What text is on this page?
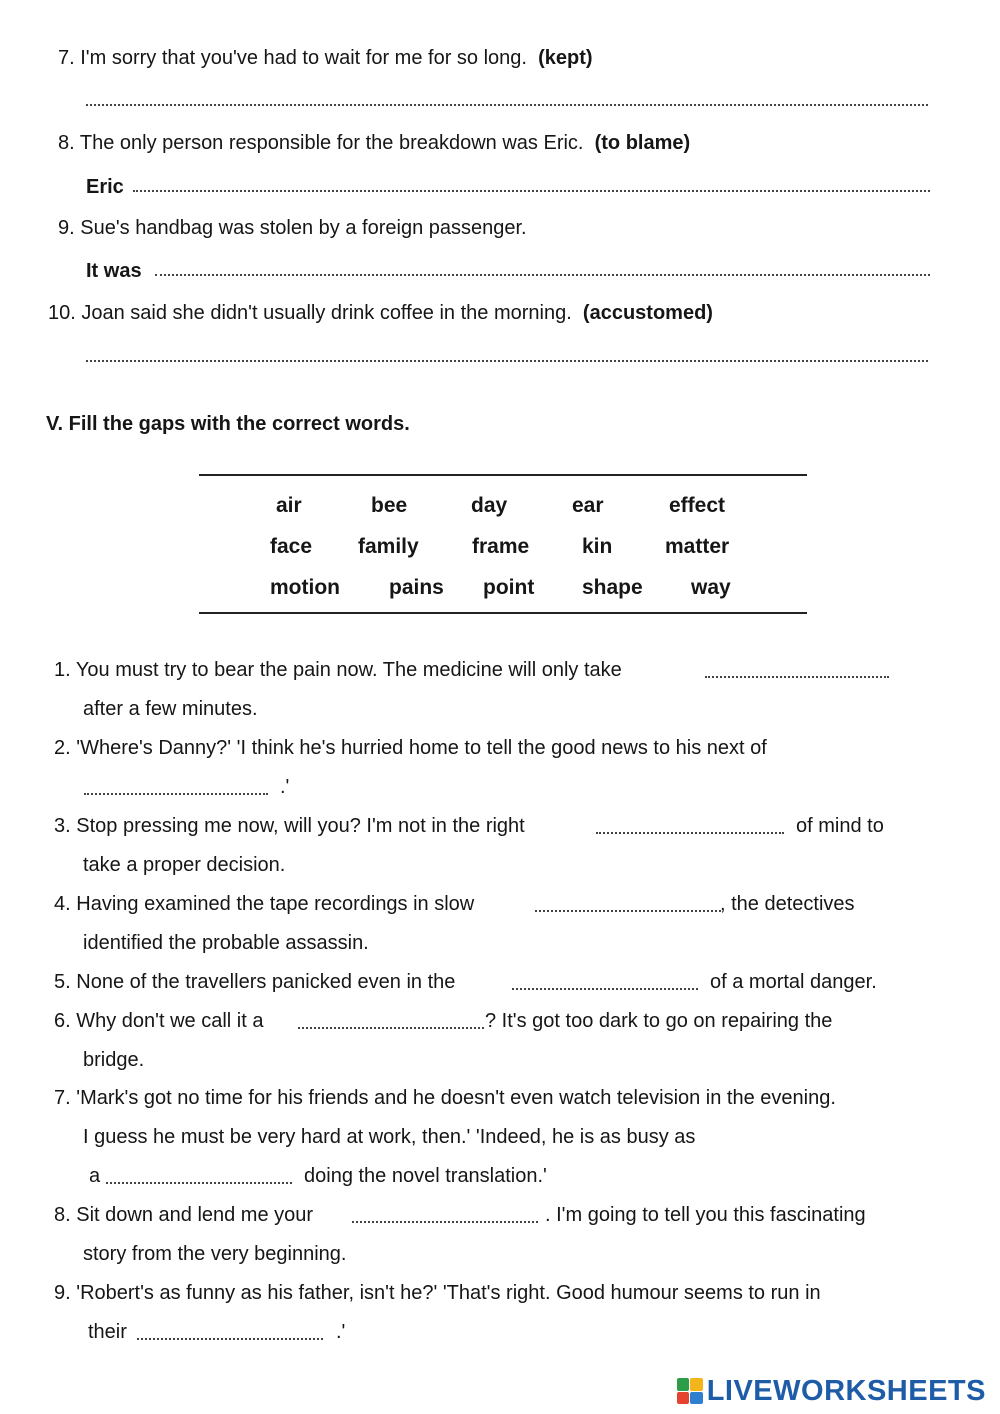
7. I'm sorry that you've had to wait for me for so long. (kept)
8. The only person responsible for the breakdown was Eric. (to blame)
Eric
9. Sue's handbag was stolen by a foreign passenger.
It was
10. Joan said she didn't usually drink coffee in the morning. (accustomed)
V. Fill the gaps with the correct words.
air	bee	day	ear	effect
face family	frame	kin	matter
motion pains point shape way
1. You must try to bear the pain now. The medicine will only take
after a few minutes.
2. 'Where's Danny?' 'I think he's hurried home to tell the good news to his next of
.'
3. Stop pressing me now, will you? I'm not in the right	of mind to
take a proper decision.
4. Having examined the tape recordings in slow	, the detectives
identified the probable assassin.
5. None of the travellers panicked even in the	of a mortal danger.
6. Why don't we call it a	? It's got too dark to go on repairing the
bridge.
7. 'Mark's got no time for his friends and he doesn't even watch television in the evening.
I guess he must be very hard at work, then.' 'Indeed, he is as busy as
a	doing the novel translation.'
8. Sit down and lend me your	. I'm going to tell you this fascinating
story from the very beginning.
9. 'Robert's as funny as his father, isn't he?' 'That's right. Good humour seems to run in
their	.'
LIVEWORKSHEETS
